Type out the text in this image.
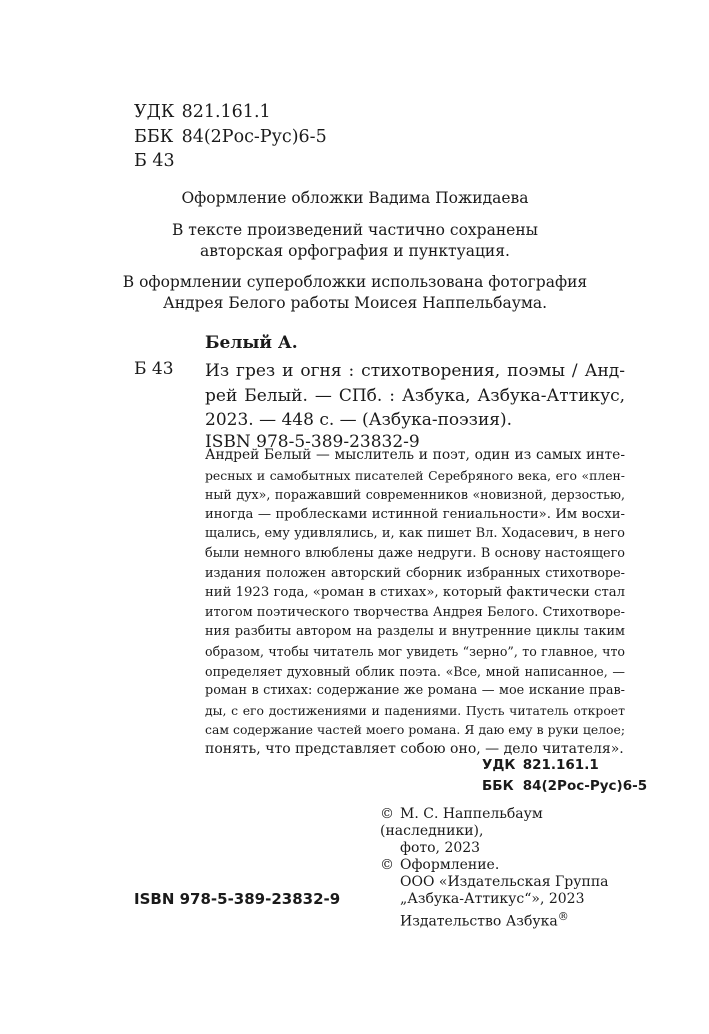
УДК 821.161.1
ББК 84(2Рос-Рус)6-5
Б 43
Оформление обложки Вадима Пожидаева
В тексте произведений частично сохранены
авторская орфография и пунктуация.
В оформлении суперобложки использована фотография
Андрея Белого работы Моисея Наппельбаума.
Белый А.
Б 43 Из грез и огня : стихотворения, поэмы / Анд-
рей Белый. — СПб. : Азбука, Азбука-Аттикус,
2023. — 448 с. — (Азбука-поэзия).
ISBN 978-5-389-23832-9
Андрей Белый — мыслитель и поэт, один из самых инте-
ресных и самобытных писателей Серебряного века, его «плен-
ный дух», поражавший современников «новизной, дерзостью,
иногда — проблесками истинной гениальности». Им восхи-
щались, ему удивлялись, и, как пишет Вл. Ходасевич, в него
были немного влюблены даже недруги. В основу настоящего
издания положен авторский сборник избранных стихотворе-
ний 1923 года, «роман в стихах», который фактически стал
итогом поэтического творчества Андрея Белого. Стихотворе-
ния разбиты автором на разделы и внутренние циклы таким
образом, чтобы читатель мог увидеть “зерно”, то главное, что
определяет духовный облик поэта. «Все, мной написанное, —
роман в стихах: содержание же романа — мое искание прав-
ды, с его достижениями и падениями. Пусть читатель откроет
сам содержание частей моего романа. Я даю ему в руки целое;
понять, что представляет собою оно, — дело читателя».
УДК 821.161.1
ББК 84(2Рос-Рус)6-5
© М. С. Наппельбаум (наследники),
фото, 2023
© Оформление.
ООО «Издательская Группа
„Азбука-Аттикус“», 2023
Издательство Азбука®
ISBN 978-5-389-23832-9
